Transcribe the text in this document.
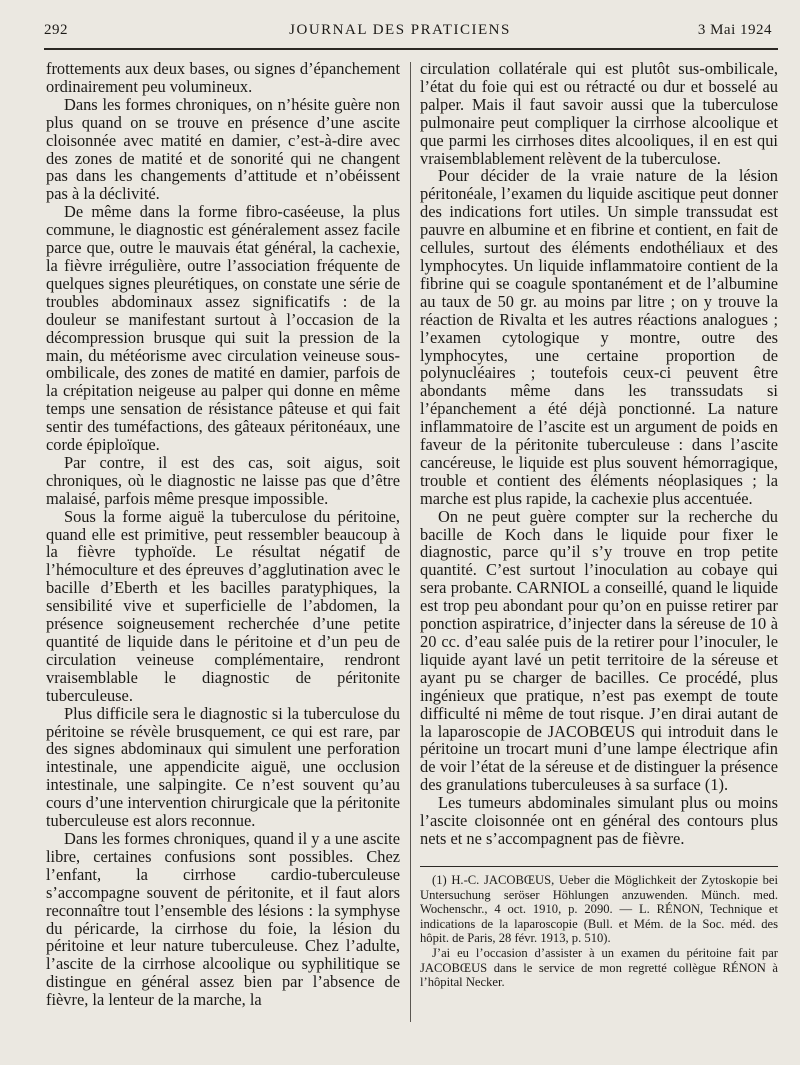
292	JOURNAL DES PRATICIENS	3 Mai 1924

frottements aux deux bases, ou signes d’épanchement ordinairement peu volumineux.

Dans les formes chroniques, on n’hésite guère non plus quand on se trouve en présence d’une ascite cloisonnée avec matité en damier, c’est-à-dire avec des zones de matité et de sonorité qui ne changent pas dans les changements d’attitude et n’obéissent pas à la déclivité.

De même dans la forme fibro-caséeuse, la plus commune, le diagnostic est généralement assez facile parce que, outre le mauvais état général, la cachexie, la fièvre irrégulière, outre l’association fréquente de quelques signes pleurétiques, on constate une série de troubles abdominaux assez significatifs : de la douleur se manifestant surtout à l’occasion de la décompression brusque qui suit la pression de la main, du météorisme avec circulation veineuse sous-ombilicale, des zones de matité en damier, parfois de la crépitation neigeuse au palper qui donne en même temps une sensation de résistance pâteuse et qui fait sentir des tuméfactions, des gâteaux péritonéaux, une corde épiploïque.

Par contre, il est des cas, soit aigus, soit chroniques, où le diagnostic ne laisse pas que d’être malaisé, parfois même presque impossible.

Sous la forme aiguë la tuberculose du péritoine, quand elle est primitive, peut ressembler beaucoup à la fièvre typhoïde. Le résultat négatif de l’hémoculture et des épreuves d’agglutination avec le bacille d’Eberth et les bacilles paratyphiques, la sensibilité vive et superficielle de l’abdomen, la présence soigneusement recherchée d’une petite quantité de liquide dans le péritoine et d’un peu de circulation veineuse complémentaire, rendront vraisemblable le diagnostic de péritonite tuberculeuse.

Plus difficile sera le diagnostic si la tuberculose du péritoine se révèle brusquement, ce qui est rare, par des signes abdominaux qui simulent une perforation intestinale, une appendicite aiguë, une occlusion intestinale, une salpingite. Ce n’est souvent qu’au cours d’une intervention chirurgicale que la péritonite tuberculeuse est alors reconnue.

Dans les formes chroniques, quand il y a une ascite libre, certaines confusions sont possibles. Chez l’enfant, la cirrhose cardio-tuberculeuse s’accompagne souvent de péritonite, et il faut alors reconnaître tout l’ensemble des lésions : la symphyse du péricarde, la cirrhose du foie, la lésion du péritoine et leur nature tuberculeuse. Chez l’adulte, l’ascite de la cirrhose alcoolique ou syphilitique se distingue en général assez bien par l’absence de fièvre, la lenteur de la marche, la

circulation collatérale qui est plutôt sus-ombilicale, l’état du foie qui est ou rétracté ou dur et bosselé au palper. Mais il faut savoir aussi que la tuberculose pulmonaire peut compliquer la cirrhose alcoolique et que parmi les cirrhoses dites alcooliques, il en est qui vraisemblablement relèvent de la tuberculose.

Pour décider de la vraie nature de la lésion péritonéale, l’examen du liquide ascitique peut donner des indications fort utiles. Un simple transsudat est pauvre en albumine et en fibrine et contient, en fait de cellules, surtout des éléments endothéliaux et des lymphocytes. Un liquide inflammatoire contient de la fibrine qui se coagule spontanément et de l’albumine au taux de 50 gr. au moins par litre ; on y trouve la réaction de Rivalta et les autres réactions analogues ; l’examen cytologique y montre, outre des lymphocytes, une certaine proportion de polynucléaires ; toutefois ceux-ci peuvent être abondants même dans les transsudats si l’épanchement a été déjà ponctionné. La nature inflammatoire de l’ascite est un argument de poids en faveur de la péritonite tuberculeuse : dans l’ascite cancéreuse, le liquide est plus souvent hémorragique, trouble et contient des éléments néoplasiques ; la marche est plus rapide, la cachexie plus accentuée.

On ne peut guère compter sur la recherche du bacille de Koch dans le liquide pour fixer le diagnostic, parce qu’il s’y trouve en trop petite quantité. C’est surtout l’inoculation au cobaye qui sera probante. CARNIOL a conseillé, quand le liquide est trop peu abondant pour qu’on en puisse retirer par ponction aspiratrice, d’injecter dans la séreuse de 10 à 20 cc. d’eau salée puis de la retirer pour l’inoculer, le liquide ayant lavé un petit territoire de la séreuse et ayant pu se charger de bacilles. Ce procédé, plus ingénieux que pratique, n’est pas exempt de toute difficulté ni même de tout risque. J’en dirai autant de la laparoscopie de JACOBŒUS qui introduit dans le péritoine un trocart muni d’une lampe électrique afin de voir l’état de la séreuse et de distinguer la présence des granulations tuberculeuses à sa surface (1).

Les tumeurs abdominales simulant plus ou moins l’ascite cloisonnée ont en général des contours plus nets et ne s’accompagnent pas de fièvre.

(1) H.-C. JACOBŒUS, Ueber die Möglichkeit der Zytoskopie bei Untersuchung seröser Höhlungen anzuwenden. Münch. med. Wochenschr., 4 oct. 1910, p. 2090. — L. RÉNON, Technique et indications de la laparoscopie (Bull. et Mém. de la Soc. méd. des hôpit. de Paris, 28 févr. 1913, p. 510).

J’ai eu l’occasion d’assister à un examen du péritoine fait par JACOBŒUS dans le service de mon regretté collègue RÉNON à l’hôpital Necker.
